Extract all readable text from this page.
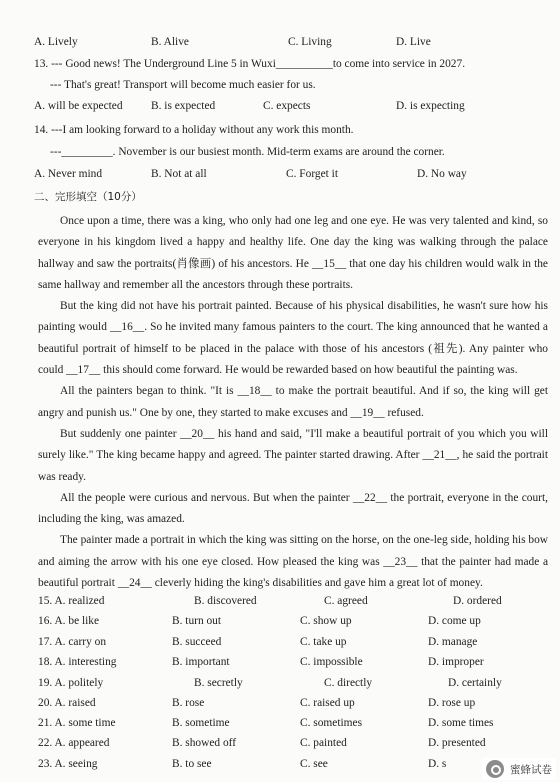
A. Lively	B. Alive	C. Living	D. Live
13. --- Good news! The Underground Line 5 in Wuxi__________to come into service in 2027.
--- That's great! Transport will become much easier for us.
A. will be expected B. is expected	C. expects	D. is expecting
14. ---I am looking forward to a holiday without any work this month.
---_________. November is our busiest month. Mid-term exams are around the corner.
A. Never mind	B. Not at all	C. Forget it	D. No way
二、完形填空（10分）

Once upon a time, there was a king, who only had one leg and one eye. He was very talented and kind, so everyone in his kingdom lived a happy and healthy life. One day the king was walking through the palace hallway and saw the portraits(肖像画) of his ancestors. He __15__ that one day his children would walk in the same hallway and remember all the ancestors through these portraits.

But the king did not have his portrait painted. Because of his physical disabilities, he wasn't sure how his painting would __16__. So he invited many famous painters to the court. The king announced that he wanted a beautiful portrait of himself to be placed in the palace with those of his ancestors (祖先). Any painter who could __17__ this should come forward. He would be rewarded based on how beautiful the painting was.

All the painters began to think. "It is __18__ to make the portrait beautiful. And if so, the king will get angry and punish us." One by one, they started to make excuses and __19__ refused.

But suddenly one painter __20__ his hand and said, "I'll make a beautiful portrait of you which you will surely like." The king became happy and agreed. The painter started drawing. After __21__, he said the portrait was ready.

All the people were curious and nervous. But when the painter __22__ the portrait, everyone in the court, including the king, was amazed.

The painter made a portrait in which the king was sitting on the horse, on the one-leg side, holding his bow and aiming the arrow with his one eye closed. How pleased the king was __23__ that the painter had made a beautiful portrait __24__ cleverly hiding the king's disabilities and gave him a great lot of money.

15. A. realized	B. discovered	C. agreed	D. ordered
16. A. be like	B. turn out	C. show up	D. come up
17. A. carry on	B. succeed	C. take up	D. manage
18. A. interesting	B. important	C. impossible	D. improper
19. A. politely	B. secretly	C. directly	D. certainly
20. A. raised	B. rose	C. raised up	D. rose up
21. A. some time	B. sometime	C. sometimes	D. some times
22. A. appeared	B. showed off	C. painted	D. presented
23. A. seeing	B. to see	C. see	D. s	蜜蜂试卷
